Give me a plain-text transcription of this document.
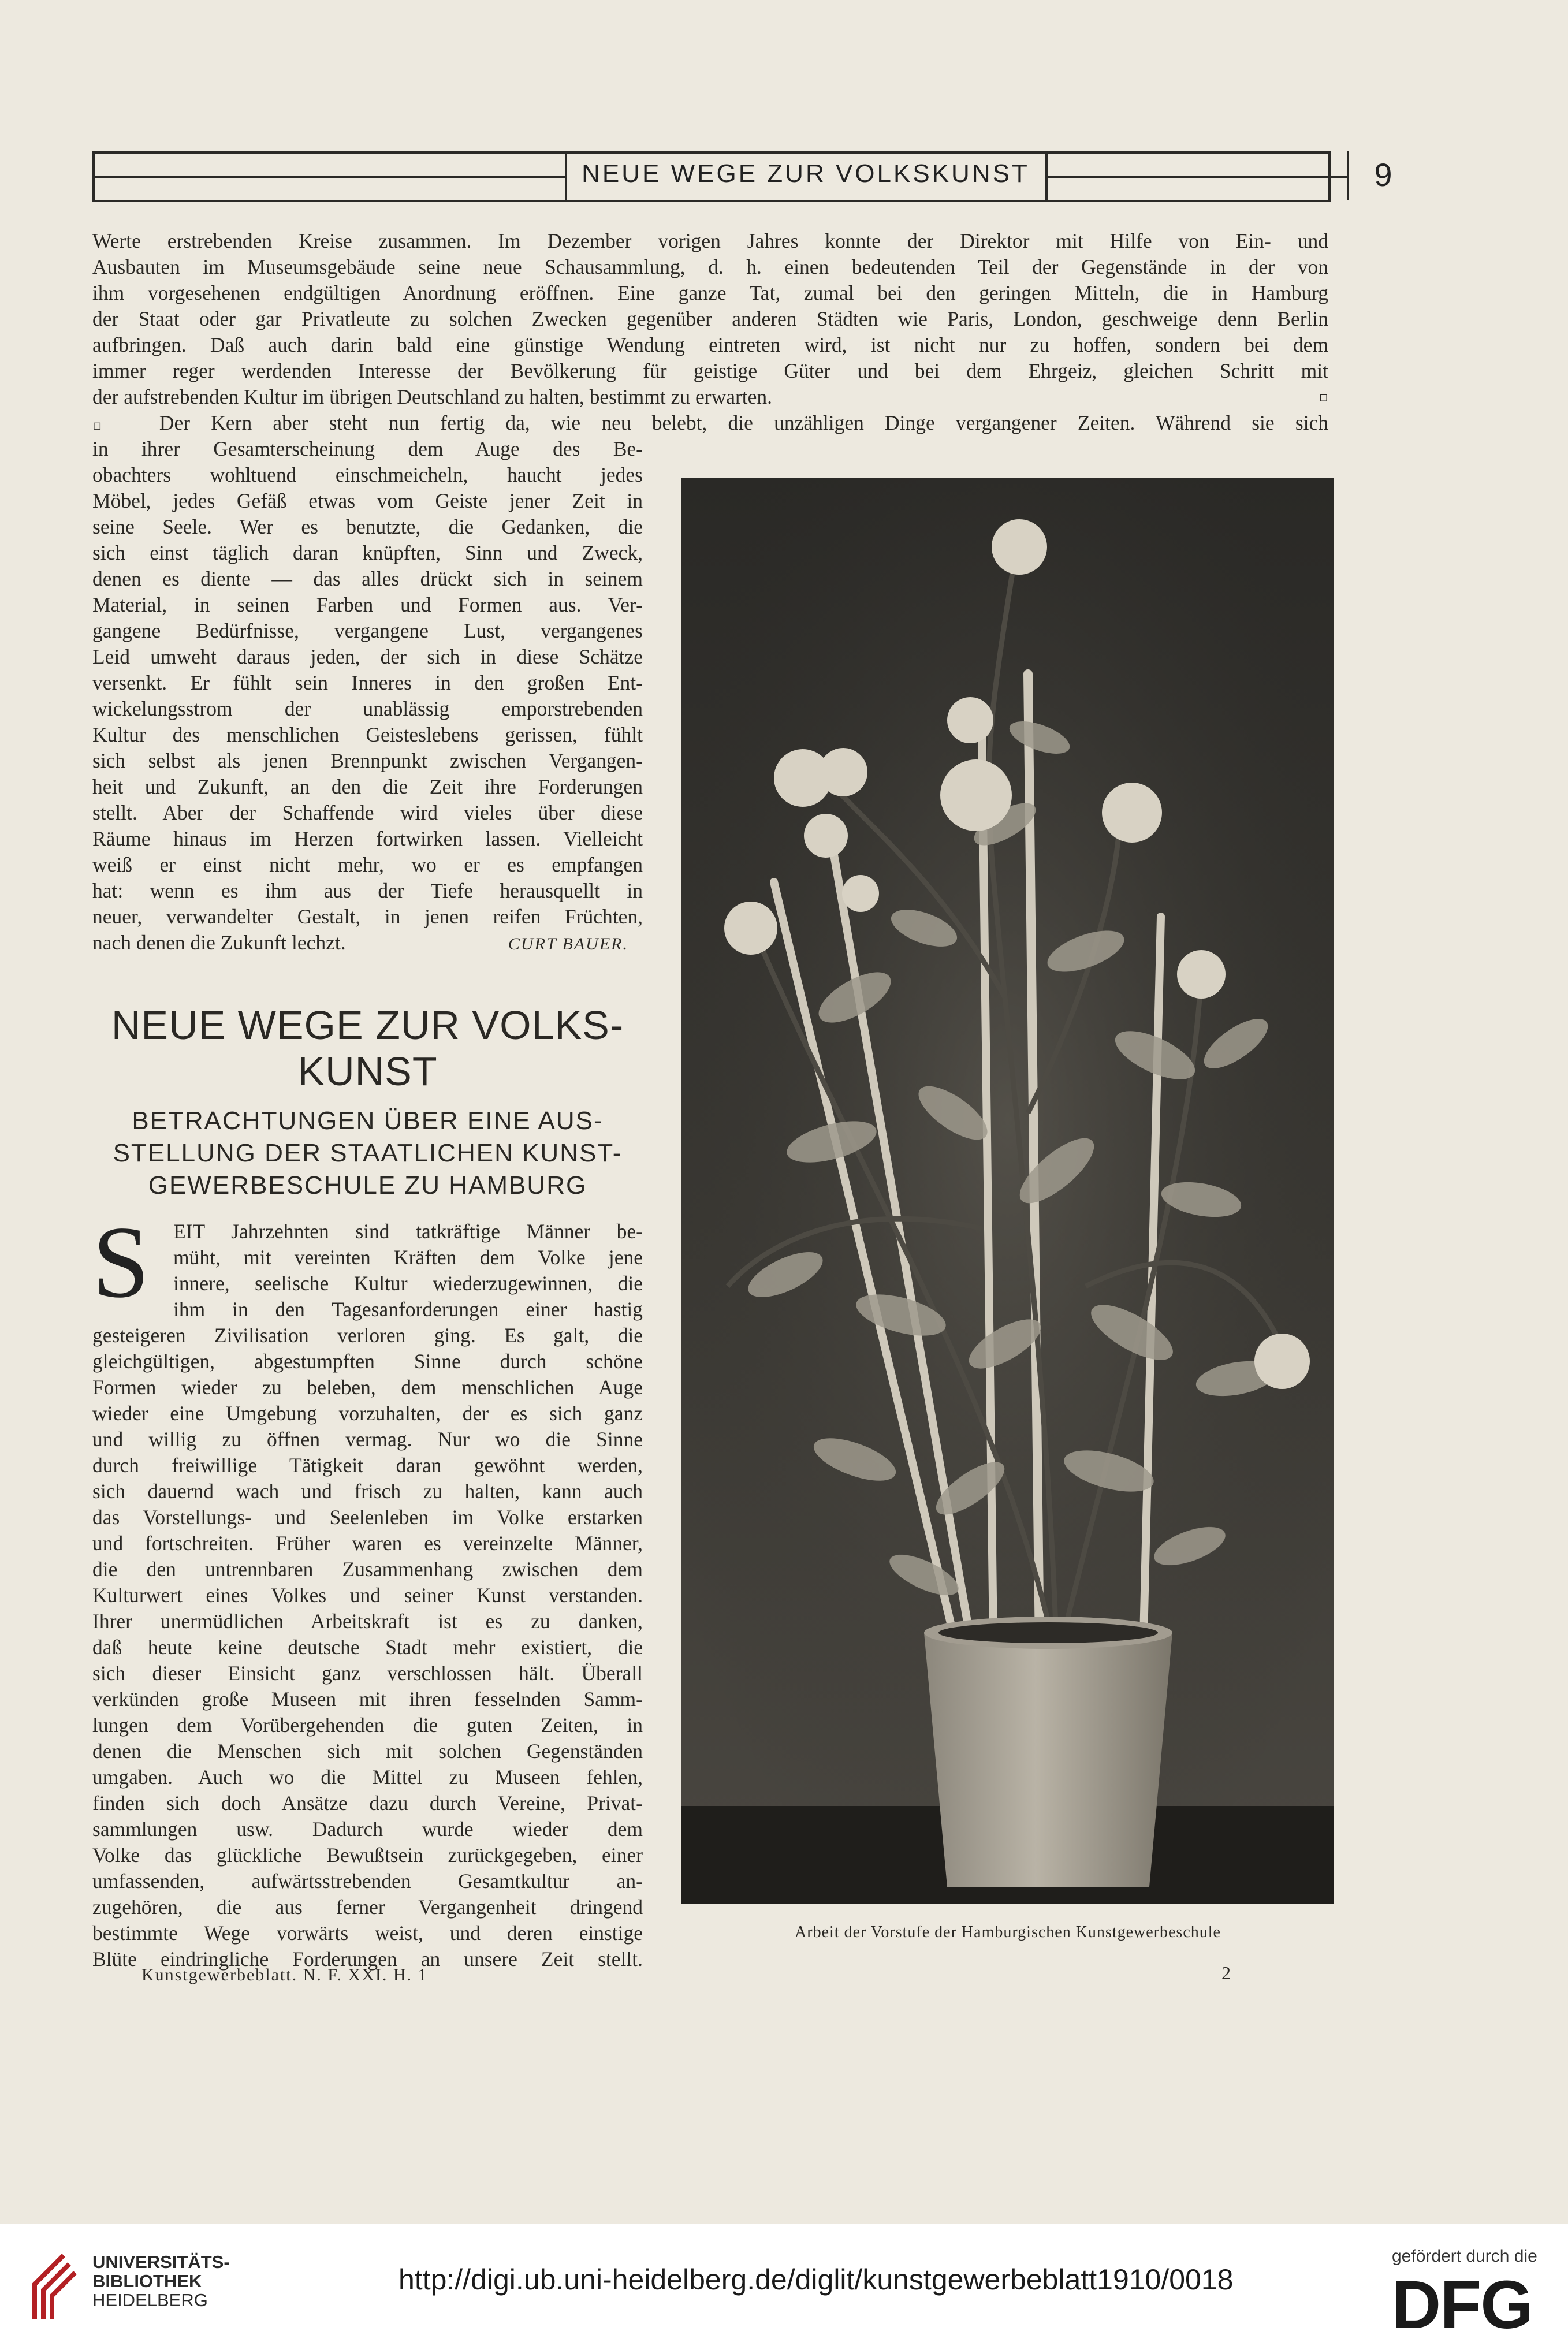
NEUE WEGE ZUR VOLKSKUNST	9
Werte erstrebenden Kreise zusammen. Im Dezember vorigen Jahres konnte der Direktor mit Hilfe von Ein- und
Ausbauten im Museumsgebäude seine neue Schausammlung, d. h. einen bedeutenden Teil der Gegenstände in der von
ihm vorgesehenen endgültigen Anordnung eröffnen. Eine ganze Tat, zumal bei den geringen Mitteln, die in Hamburg
der Staat oder gar Privatleute zu solchen Zwecken gegenüber anderen Städten wie Paris, London, geschweige denn Berlin
aufbringen. Daß auch darin bald eine günstige Wendung eintreten wird, ist nicht nur zu hoffen, sondern bei dem
immer reger werdenden Interesse der Bevölkerung für geistige Güter und bei dem Ehrgeiz, gleichen Schritt mit
der aufstrebenden Kultur im übrigen Deutschland zu halten, bestimmt zu erwarten.	▫
▫ Der Kern aber steht nun fertig da, wie neu belebt, die unzähligen Dinge vergangener Zeiten. Während sie sich
in ihrer Gesamterscheinung dem Auge des Be-
obachters wohltuend einschmeicheln, haucht jedes
Möbel, jedes Gefäß etwas vom Geiste jener Zeit in
seine Seele. Wer es benutzte, die Gedanken, die
sich einst täglich daran knüpften, Sinn und Zweck,
denen es diente — das alles drückt sich in seinem
Material, in seinen Farben und Formen aus. Ver-
gangene Bedürfnisse, vergangene Lust, vergangenes
Leid umweht daraus jeden, der sich in diese Schätze
versenkt. Er fühlt sein Inneres in den großen Ent-
wickelungsstrom der unablässig emporstrebenden
Kultur des menschlichen Geisteslebens gerissen, fühlt
sich selbst als jenen Brennpunkt zwischen Vergangen-
heit und Zukunft, an den die Zeit ihre Forderungen
stellt. Aber der Schaffende wird vieles über diese
Räume hinaus im Herzen fortwirken lassen. Vielleicht
weiß er einst nicht mehr, wo er es empfangen
hat: wenn es ihm aus der Tiefe herausquellt in
neuer, verwandelter Gestalt, in jenen reifen Früchten,
nach denen die Zukunft lechzt.	CURT BAUER.
NEUE WEGE ZUR VOLKS-
KUNST
BETRACHTUNGEN ÜBER EINE AUS-
STELLUNG DER STAATLICHEN KUNST-
GEWERBESCHULE ZU HAMBURG
S EIT Jahrzehnten sind tatkräftige Männer be-
müht, mit vereinten Kräften dem Volke jene
innere, seelische Kultur wiederzugewinnen, die
ihm in den Tagesanforderungen einer hastig
gesteigeren Zivilisation verloren ging. Es galt, die
gleichgültigen, abgestumpften Sinne durch schöne
Formen wieder zu beleben, dem menschlichen Auge
wieder eine Umgebung vorzuhalten, der es sich ganz
und willig zu öffnen vermag. Nur wo die Sinne
durch freiwillige Tätigkeit daran gewöhnt werden,
sich dauernd wach und frisch zu halten, kann auch
das Vorstellungs- und Seelenleben im Volke erstarken
und fortschreiten. Früher waren es vereinzelte Männer,
die den untrennbaren Zusammenhang zwischen dem
Kulturwert eines Volkes und seiner Kunst verstanden.
Ihrer unermüdlichen Arbeitskraft ist es zu danken,
daß heute keine deutsche Stadt mehr existiert, die
sich dieser Einsicht ganz verschlossen hält. Überall
verkünden große Museen mit ihren fesselnden Samm-
lungen dem Vorübergehenden die guten Zeiten, in
denen die Menschen sich mit solchen Gegenständen
umgaben. Auch wo die Mittel zu Museen fehlen,
finden sich doch Ansätze dazu durch Vereine, Privat-
sammlungen usw. Dadurch wurde wieder dem
Volke das glückliche Bewußtsein zurückgegeben, einer
umfassenden, aufwärtsstrebenden Gesamtkultur an-
zugehören, die aus ferner Vergangenheit dringend
bestimmte Wege vorwärts weist, und deren einstige
Blüte eindringliche Forderungen an unsere Zeit stellt.
Kunstgewerbeblatt. N. F. XXI. H. 1	2
Arbeit der Vorstufe der Hamburgischen Kunstgewerbeschule
UNIVERSITÄTS-
BIBLIOTHEK
HEIDELBERG
http://digi.ub.uni-heidelberg.de/diglit/kunstgewerbeblatt1910/0018
gefördert durch die
DFG
